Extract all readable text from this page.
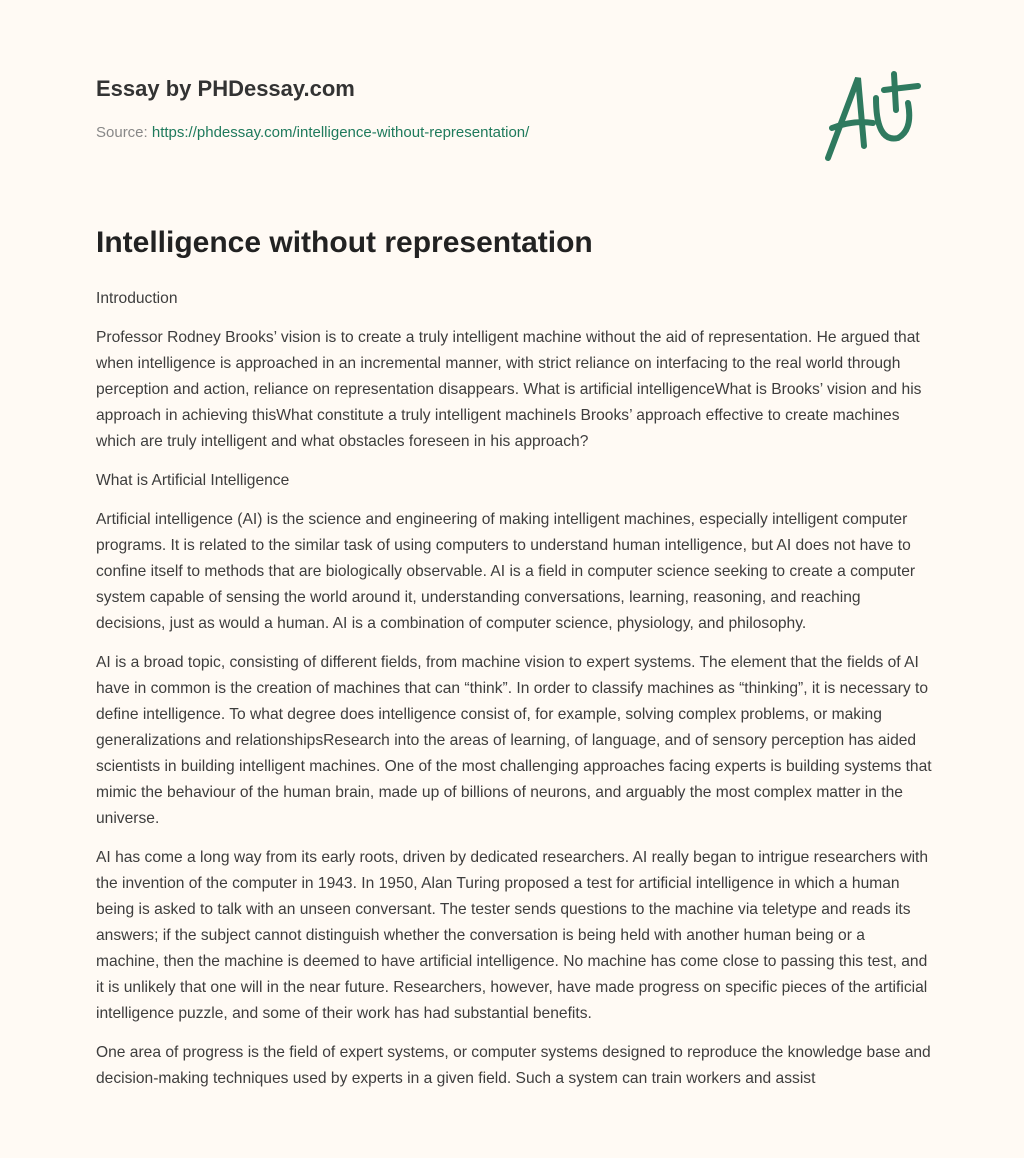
Essay by PHDessay.com
Source: https://phdessay.com/intelligence-without-representation/
Intelligence without representation

Introduction

Professor Rodney Brooks’ vision is to create a truly intelligent machine without the aid of representation. He argued that when intelligence is approached in an incremental manner, with strict reliance on interfacing to the real world through perception and action, reliance on representation disappears. What is artificial intelligenceWhat is Brooks’ vision and his approach in achieving thisWhat constitute a truly intelligent machineIs Brooks’ approach effective to create machines which are truly intelligent and what obstacles foreseen in his approach?

What is Artificial Intelligence

Artificial intelligence (AI) is the science and engineering of making intelligent machines, especially intelligent computer programs. It is related to the similar task of using computers to understand human intelligence, but AI does not have to confine itself to methods that are biologically observable. AI is a field in computer science seeking to create a computer system capable of sensing the world around it, understanding conversations, learning, reasoning, and reaching decisions, just as would a human. AI is a combination of computer science, physiology, and philosophy.

AI is a broad topic, consisting of different fields, from machine vision to expert systems. The element that the fields of AI have in common is the creation of machines that can “think”. In order to classify machines as “thinking”, it is necessary to define intelligence. To what degree does intelligence consist of, for example, solving complex problems, or making generalizations and relationshipsResearch into the areas of learning, of language, and of sensory perception has aided scientists in building intelligent machines. One of the most challenging approaches facing experts is building systems that mimic the behaviour of the human brain, made up of billions of neurons, and arguably the most complex matter in the universe.

AI has come a long way from its early roots, driven by dedicated researchers. AI really began to intrigue researchers with the invention of the computer in 1943. In 1950, Alan Turing proposed a test for artificial intelligence in which a human being is asked to talk with an unseen conversant. The tester sends questions to the machine via teletype and reads its answers; if the subject cannot distinguish whether the conversation is being held with another human being or a machine, then the machine is deemed to have artificial intelligence. No machine has come close to passing this test, and it is unlikely that one will in the near future. Researchers, however, have made progress on specific pieces of the artificial intelligence puzzle, and some of their work has had substantial benefits.

One area of progress is the field of expert systems, or computer systems designed to reproduce the knowledge base and decision-making techniques used by experts in a given field. Such a system can train workers and assist
